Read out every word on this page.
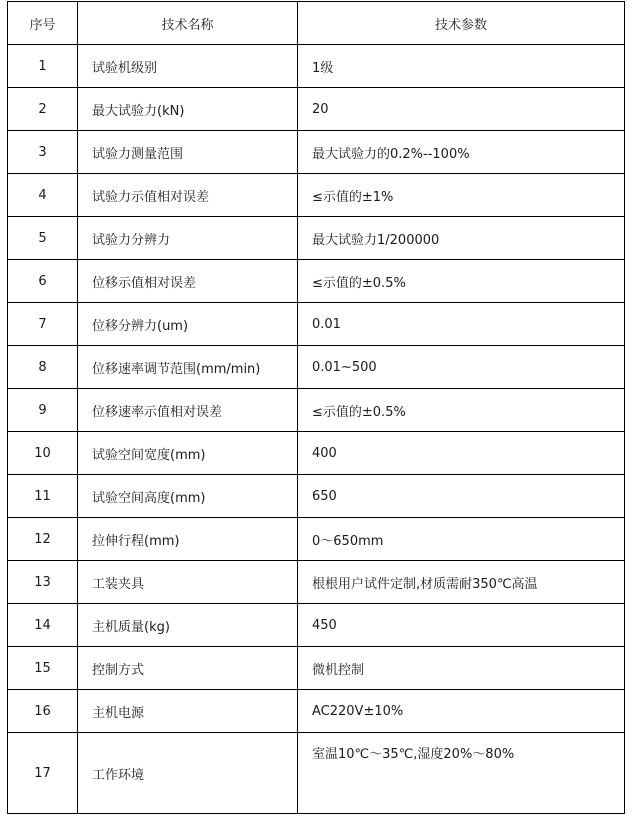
序号	技术名称	技术参数
1	试验机级别	1级
2	最大试验力(kN)	20
3	试验力测量范围	最大试验力的0.2%--100%
4	试验力示值相对误差	≤示值的±1%
5	试验力分辨力	最大试验力1/200000
6	位移示值相对误差	≤示值的±0.5%
7	位移分辨力(um)	0.01
8	位移速率调节范围(mm/min)	0.01~500
9	位移速率示值相对误差	≤示值的±0.5%
10	试验空间宽度(mm)	400
11	试验空间高度(mm)	650
12	拉伸行程(mm)	0～650mm
13	工装夹具	根根用户试件定制,材质需耐350℃高温
14	主机质量(kg)	450
15	控制方式	微机控制
16	主机电源	AC220V±10%
17	工作环境	室温10℃～35℃,湿度20%～80%
